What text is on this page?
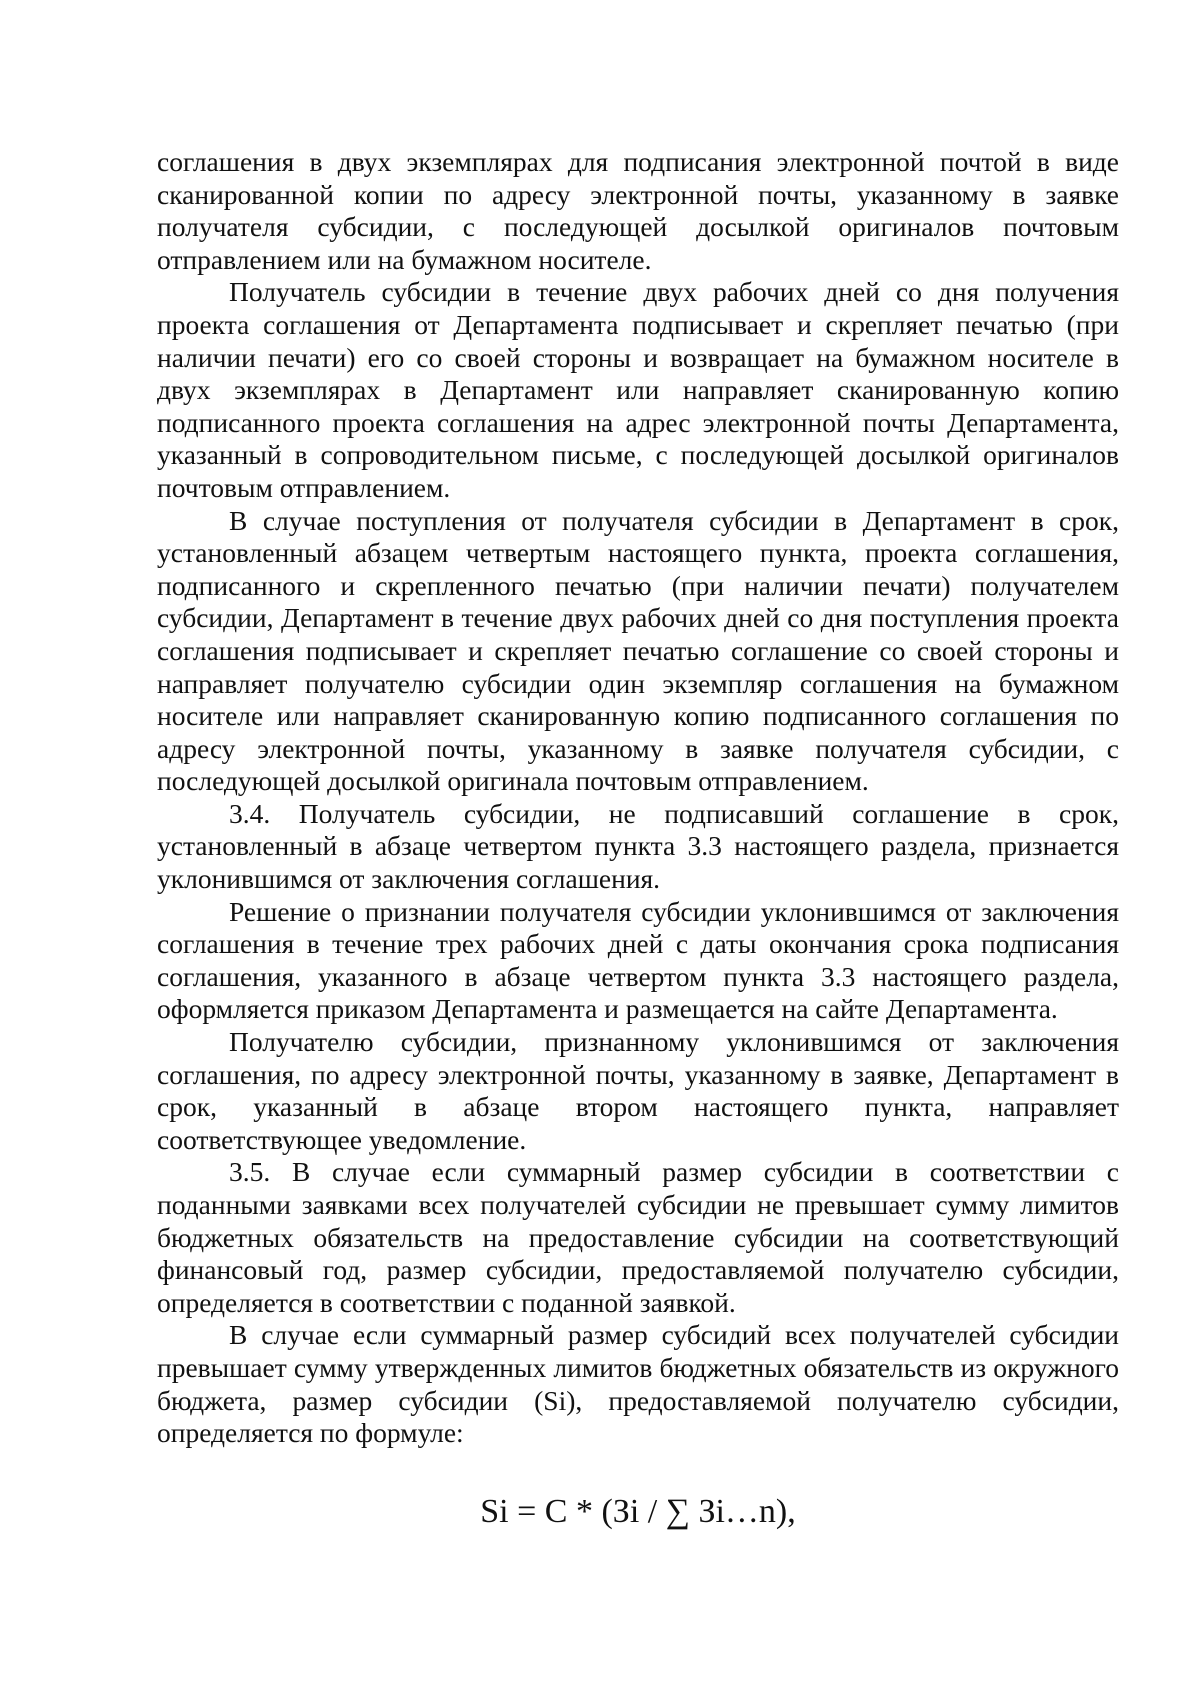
соглашения в двух экземплярах для подписания электронной почтой в виде сканированной копии по адресу электронной почты, указанному в заявке получателя субсидии, с последующей досылкой оригиналов почтовым отправлением или на бумажном носителе.

Получатель субсидии в течение двух рабочих дней со дня получения проекта соглашения от Департамента подписывает и скрепляет печатью (при наличии печати) его со своей стороны и возвращает на бумажном носителе в двух экземплярах в Департамент или направляет сканированную копию подписанного проекта соглашения на адрес электронной почты Департамента, указанный в сопроводительном письме, с последующей досылкой оригиналов почтовым отправлением.

В случае поступления от получателя субсидии в Департамент в срок, установленный абзацем четвертым настоящего пункта, проекта соглашения, подписанного и скрепленного печатью (при наличии печати) получателем субсидии, Департамент в течение двух рабочих дней со дня поступления проекта соглашения подписывает и скрепляет печатью соглашение со своей стороны и направляет получателю субсидии один экземпляр соглашения на бумажном носителе или направляет сканированную копию подписанного соглашения по адресу электронной почты, указанному в заявке получателя субсидии, с последующей досылкой оригинала почтовым отправлением.

3.4. Получатель субсидии, не подписавший соглашение в срок, установленный в абзаце четвертом пункта 3.3 настоящего раздела, признается уклонившимся от заключения соглашения.

Решение о признании получателя субсидии уклонившимся от заключения соглашения в течение трех рабочих дней с даты окончания срока подписания соглашения, указанного в абзаце четвертом пункта 3.3 настоящего раздела, оформляется приказом Департамента и размещается на сайте Департамента.

Получателю субсидии, признанному уклонившимся от заключения соглашения, по адресу электронной почты, указанному в заявке, Департамент в срок, указанный в абзаце втором настоящего пункта, направляет соответствующее уведомление.

3.5. В случае если суммарный размер субсидии в соответствии с поданными заявками всех получателей субсидии не превышает сумму лимитов бюджетных обязательств на предоставление субсидии на соответствующий финансовый год, размер субсидии, предоставляемой получателю субсидии, определяется в соответствии с поданной заявкой.

В случае если суммарный размер субсидий всех получателей субсидии превышает сумму утвержденных лимитов бюджетных обязательств из окружного бюджета, размер субсидии (Si), предоставляемой получателю субсидии, определяется по формуле:

Si = C * (Зi / ∑ Зi…n),
